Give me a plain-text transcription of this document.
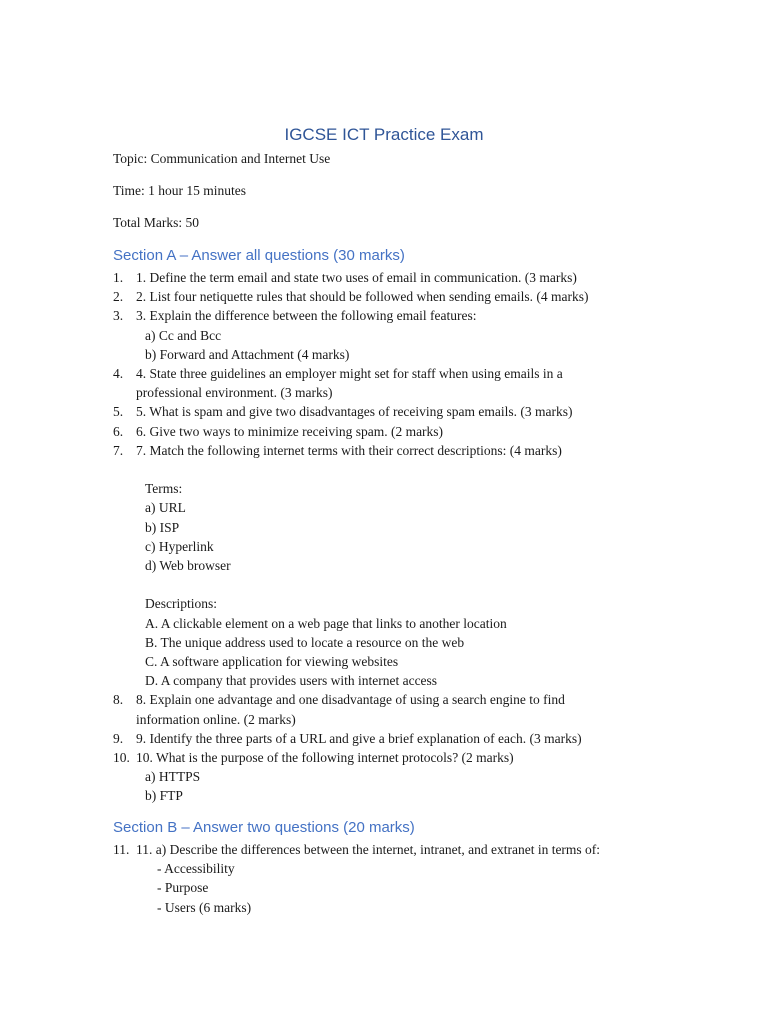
IGCSE ICT Practice Exam
Topic: Communication and Internet Use
Time: 1 hour 15 minutes
Total Marks: 50
Section A – Answer all questions (30 marks)
1. 1. Define the term email and state two uses of email in communication. (3 marks)
2. 2. List four netiquette rules that should be followed when sending emails. (4 marks)
3. 3. Explain the difference between the following email features:
a) Cc and Bcc
b) Forward and Attachment (4 marks)
4. 4. State three guidelines an employer might set for staff when using emails in a
professional environment. (3 marks)
5. 5. What is spam and give two disadvantages of receiving spam emails. (3 marks)
6. 6. Give two ways to minimize receiving spam. (2 marks)
7. 7. Match the following internet terms with their correct descriptions: (4 marks)
Terms:
a) URL
b) ISP
c) Hyperlink
d) Web browser
Descriptions:
A. A clickable element on a web page that links to another location
B. The unique address used to locate a resource on the web
C. A software application for viewing websites
D. A company that provides users with internet access
8. 8. Explain one advantage and one disadvantage of using a search engine to find
information online. (2 marks)
9. 9. Identify the three parts of a URL and give a brief explanation of each. (3 marks)
10. 10. What is the purpose of the following internet protocols? (2 marks)
a) HTTPS
b) FTP
Section B – Answer two questions (20 marks)
11. 11. a) Describe the differences between the internet, intranet, and extranet in terms of:
- Accessibility
- Purpose
- Users (6 marks)
